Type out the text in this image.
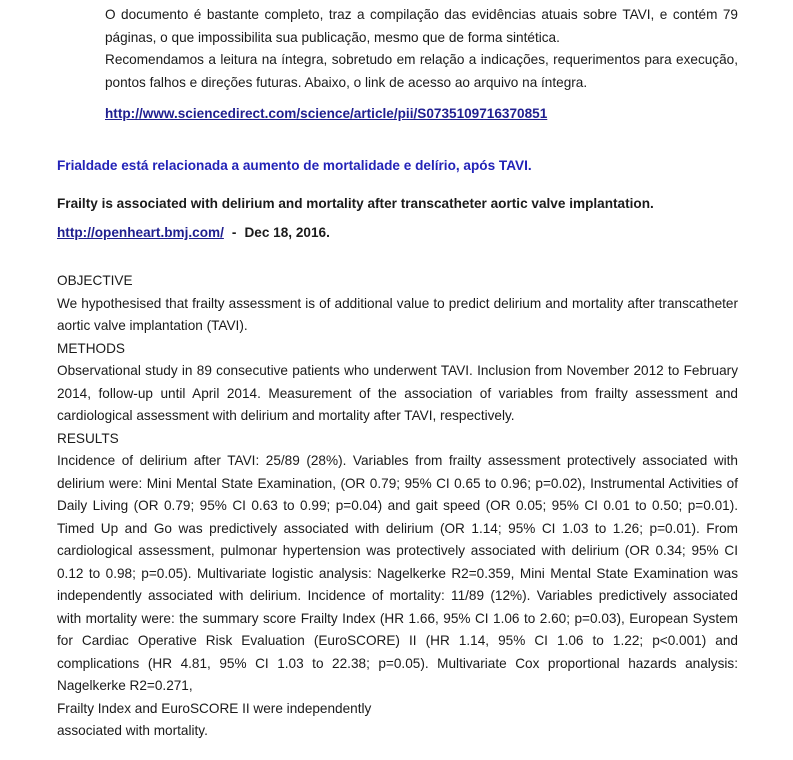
O documento é bastante completo, traz a compilação das evidências atuais sobre TAVI, e contém 79 páginas, o que impossibilita sua publicação, mesmo que de forma sintética.

Recomendamos a leitura na íntegra, sobretudo em relação a indicações, requerimentos para execução, pontos falhos e direções futuras. Abaixo, o link de acesso ao arquivo na íntegra.

http://www.sciencedirect.com/science/article/pii/S0735109716370851

Frialdade está relacionada a aumento de mortalidade e delírio, após TAVI.
Frailty is associated with delirium and mortality after transcatheter aortic valve implantation.
http://openheart.bmj.com/ - Dec 18, 2016.

OBJECTIVE

We hypothesised that frailty assessment is of additional value to predict delirium and mortality after transcatheter aortic valve implantation (TAVI).

METHODS

Observational study in 89 consecutive patients who underwent TAVI. Inclusion from November 2012 to February 2014, follow-up until April 2014. Measurement of the association of variables from frailty assessment and cardiological assessment with delirium and mortality after TAVI, respectively.

RESULTS

Incidence of delirium after TAVI: 25/89 (28%). Variables from frailty assessment protectively associated with delirium were: Mini Mental State Examination, (OR 0.79; 95% CI 0.65 to 0.96; p=0.02), Instrumental Activities of Daily Living (OR 0.79; 95% CI 0.63 to 0.99; p=0.04) and gait speed (OR 0.05; 95% CI 0.01 to 0.50; p=0.01). Timed Up and Go was predictively associated with delirium (OR 1.14; 95% CI 1.03 to 1.26; p=0.01). From cardiological assessment, pulmonar hypertension was protectively associated with delirium (OR 0.34; 95% CI 0.12 to 0.98; p=0.05). Multivariate logistic analysis: Nagelkerke R2=0.359, Mini Mental State Examination was independently associated with delirium. Incidence of mortality: 11/89 (12%). Variables predictively associated with mortality were: the summary score Frailty Index (HR 1.66, 95% CI 1.06 to 2.60; p=0.03), European System for Cardiac Operative Risk Evaluation (EuroSCORE) II (HR 1.14, 95% CI 1.06 to 1.22; p<0.001) and complications (HR 4.81, 95% CI 1.03 to 22.38; p=0.05). Multivariate Cox proportional hazards analysis: Nagelkerke R2=0.271,

Frailty Index and EuroSCORE II were independently

associated with mortality.
